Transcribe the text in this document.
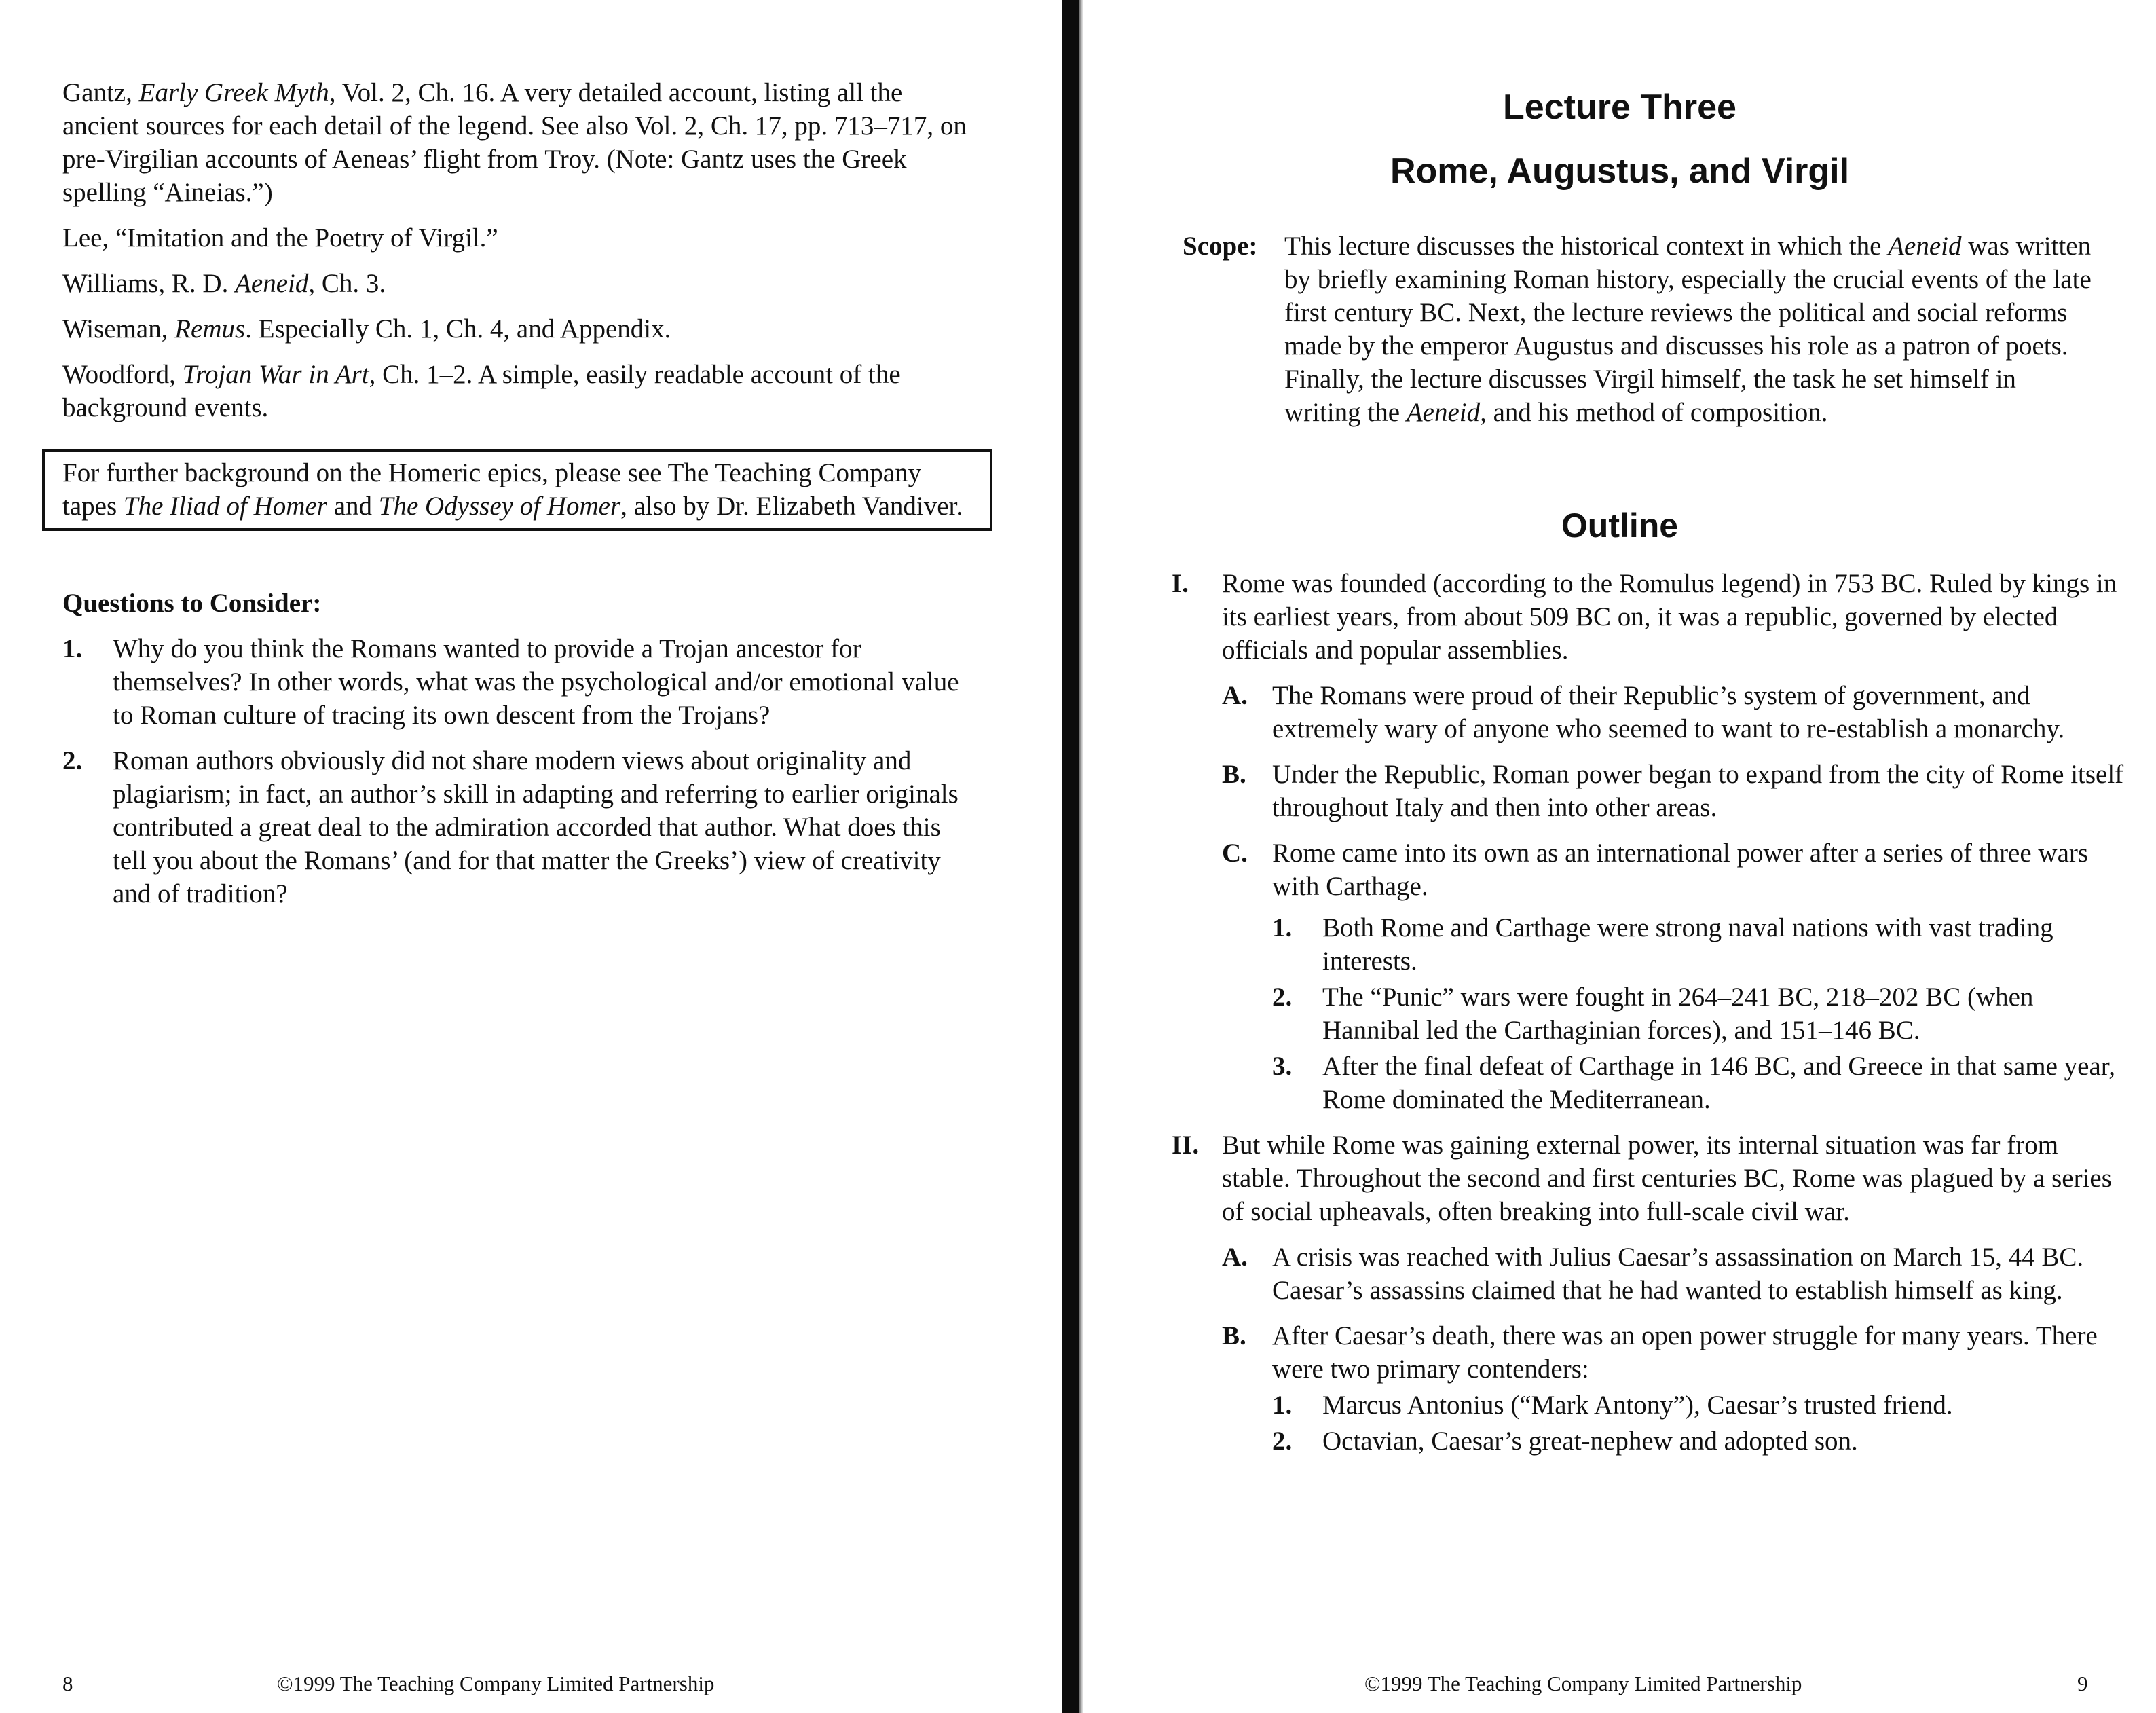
Gantz, Early Greek Myth, Vol. 2, Ch. 16. A very detailed account, listing all the ancient sources for each detail of the legend. See also Vol. 2, Ch. 17, pp. 713–717, on pre-Virgilian accounts of Aeneas’ flight from Troy. (Note: Gantz uses the Greek spelling “Aineias.”)

Lee, “Imitation and the Poetry of Virgil.”

Williams, R. D. Aeneid, Ch. 3.

Wiseman, Remus. Especially Ch. 1, Ch. 4, and Appendix.

Woodford, Trojan War in Art, Ch. 1–2. A simple, easily readable account of the background events.

For further background on the Homeric epics, please see The Teaching Company tapes The Iliad of Homer and The Odyssey of Homer, also by Dr. Elizabeth Vandiver.

Questions to Consider:

1.	Why do you think the Romans wanted to provide a Trojan ancestor for themselves? In other words, what was the psychological and/or emotional value to Roman culture of tracing its own descent from the Trojans?
2.	Roman authors obviously did not share modern views about originality and plagiarism; in fact, an author’s skill in adapting and referring to earlier originals contributed a great deal to the admiration accorded that author. What does this tell you about the Romans’ (and for that matter the Greeks’) view of creativity and of tradition?
8	©1999 The Teaching Company Limited Partnership
Lecture Three
Rome, Augustus, and Virgil
Scope:	This lecture discusses the historical context in which the Aeneid was written by briefly examining Roman history, especially the crucial events of the late first century BC. Next, the lecture reviews the political and social reforms made by the emperor Augustus and discusses his role as a patron of poets. Finally, the lecture discusses Virgil himself, the task he set himself in writing the Aeneid, and his method of composition.

Outline
I.	Rome was founded (according to the Romulus legend) in 753 BC. Ruled by kings in its earliest years, from about 509 BC on, it was a republic, governed by elected officials and popular assemblies.
A. The Romans were proud of their Republic’s system of government, and extremely wary of anyone who seemed to want to re-establish a monarchy.
B. Under the Republic, Roman power began to expand from the city of Rome itself throughout Italy and then into other areas.
C. Rome came into its own as an international power after a series of three wars with Carthage.
1.	Both Rome and Carthage were strong naval nations with vast trading interests.
2.	The “Punic” wars were fought in 264–241 BC, 218–202 BC (when Hannibal led the Carthaginian forces), and 151–146 BC.
3.	After the final defeat of Carthage in 146 BC, and Greece in that same year, Rome dominated the Mediterranean.
II. But while Rome was gaining external power, its internal situation was far from stable. Throughout the second and first centuries BC, Rome was plagued by a series of social upheavals, often breaking into full-scale civil war.
A. A crisis was reached with Julius Caesar’s assassination on March 15, 44 BC. Caesar’s assassins claimed that he had wanted to establish himself as king.
B. After Caesar’s death, there was an open power struggle for many years. There were two primary contenders:
1.	Marcus Antonius (“Mark Antony”), Caesar’s trusted friend.
2.	Octavian, Caesar’s great-nephew and adopted son.
©1999 The Teaching Company Limited Partnership	9
